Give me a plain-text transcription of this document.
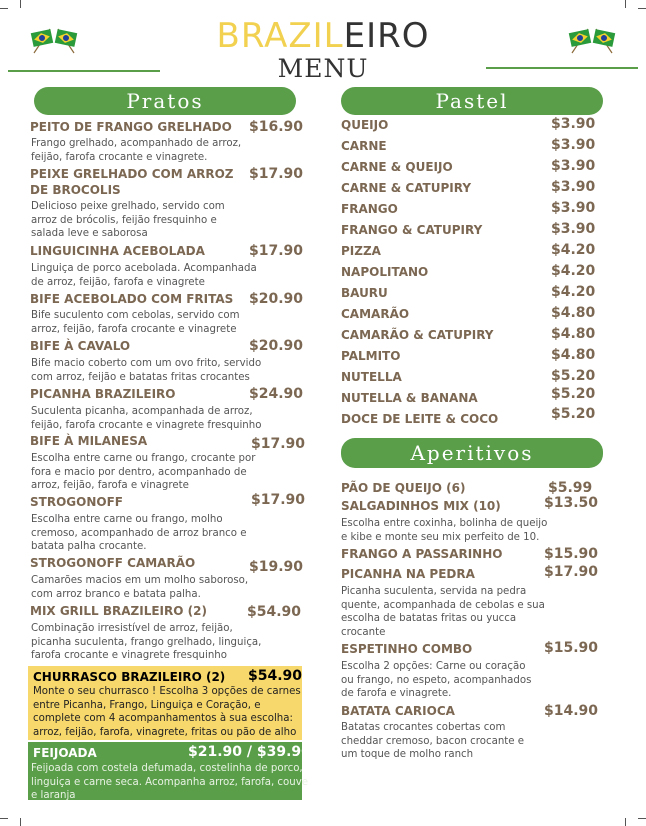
BRAZILEIRO
MENU
Pratos	Pastel
Aperitivos
PEITO DE FRANGO GRELHADO $16.90
Frango grelhado, acompanhado de arroz,
feijão, farofa crocante e vinagrete.
PEIXE GRELHADO COM ARROZ
DE BROCOLIS
$17.90
Delicioso peixe grelhado, servido com
arroz de brócolis, feijão fresquinho e
salada leve e saborosa
LINGUICINHA ACEBOLADA	$17.90
Linguiça de porco acebolada. Acompanhada
de arroz, feijão, farofa e vinagrete
BIFE ACEBOLADO COM FRITAS $20.90
Bife suculento com cebolas, servido com
arroz, feijão, farofa crocante e vinagrete
BIFE À CAVALO	$20.90
Bife macio coberto com um ovo frito, servido
com arroz, feijão e batatas fritas crocantes
PICANHA BRAZILEIRO	$24.90
Suculenta picanha, acompanhada de arroz,
feijão, farofa crocante e vinagrete fresquinho
BIFE À MILANESA	$17.90
Escolha entre carne ou frango, crocante por
fora e macio por dentro, acompanhado de
arroz, feijão, farofa e vinagrete
STROGONOFF	$17.90
Escolha entre carne ou frango, molho
cremoso, acompanhado de arroz branco e
batata palha crocante.
STROGONOFF CAMARÃO	$19.90
Camarões macios em um molho saboroso,
com arroz branco e batata palha.
MIX GRILL BRAZILEIRO (2)	$54.90
Combinação irresistível de arroz, feijão,
picanha suculenta, frango grelhado, linguiça,
farofa crocante e vinagrete fresquinho
CHURRASCO BRAZILEIRO (2) $54.90
Monte o seu churrasco ! Escolha 3 opções de carnes
entre Picanha, Frango, Linguiça e Coração, e
complete com 4 acompanhamentos à sua escolha:
arroz, feijão, farofa, vinagrete, fritas ou pão de alho
FEIJOADA	$21.90 / $39.90
Feijoada com costela defumada, costelinha de porco,
linguiça e carne seca. Acompanha arroz, farofa, couve
e laranja
QUEIJO	$3.90
CARNE	$3.90
CARNE & QUEIJO	$3.90
CARNE & CATUPIRY	$3.90
FRANGO	$3.90
FRANGO & CATUPIRY	$3.90
PIZZA	$4.20
NAPOLITANO	$4.20
BAURU	$4.20
CAMARÃO	$4.80
CAMARÃO & CATUPIRY	$4.80
PALMITO	$4.80
NUTELLA	$5.20
NUTELLA & BANANA	$5.20
DOCE DE LEITE & COCO	$5.20
PÃO DE QUEIJO (6)	$5.99
SALGADINHOS MIX (10)	$13.50
Escolha entre coxinha, bolinha de queijo
e kibe e monte seu mix perfeito de 10.
FRANGO A PASSARINHO	$15.90
PICANHA NA PEDRA	$17.90
Picanha suculenta, servida na pedra
quente, acompanhada de cebolas e sua
escolha de batatas fritas ou yucca
crocante
ESPETINHO COMBO	$15.90
Escolha 2 opções: Carne ou coração
ou frango, no espeto, acompanhados
de farofa e vinagrete.
BATATA CARIOCA	$14.90
Batatas crocantes cobertas com
cheddar cremoso, bacon crocante e
um toque de molho ranch
